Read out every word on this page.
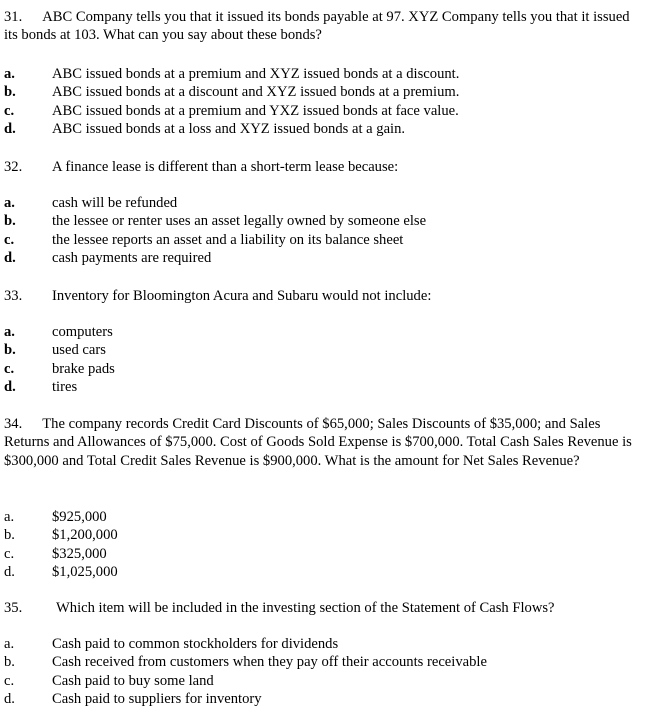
31. ABC Company tells you that it issued its bonds payable at 97. XYZ Company tells you that it issued its bonds at 103. What can you say about these bonds?
a.	ABC issued bonds at a premium and XYZ issued bonds at a discount.
b. ABC issued bonds at a discount and XYZ issued bonds at a premium.
c.	ABC issued bonds at a premium and YXZ issued bonds at face value.
d. ABC issued bonds at a loss and XYZ issued bonds at a gain.
32. A finance lease is different than a short-term lease because:
a.	cash will be refunded
b. the lessee or renter uses an asset legally owned by someone else
c.	the lessee reports an asset and a liability on its balance sheet
d. cash payments are required
33. Inventory for Bloomington Acura and Subaru would not include:
a.	computers
b. used cars
c.	brake pads
d. tires
34. The company records Credit Card Discounts of $65,000; Sales Discounts of $35,000; and Sales Returns and Allowances of $75,000. Cost of Goods Sold Expense is $700,000. Total Cash Sales Revenue is $300,000 and Total Credit Sales Revenue is $900,000. What is the amount for Net Sales Revenue?
a.	$925,000
b.	$1,200,000
c.	$325,000
d.	$1,025,000
35. Which item will be included in the investing section of the Statement of Cash Flows?
a.	Cash paid to common stockholders for dividends
b.	Cash received from customers when they pay off their accounts receivable
c.	Cash paid to buy some land
d.	Cash paid to suppliers for inventory
